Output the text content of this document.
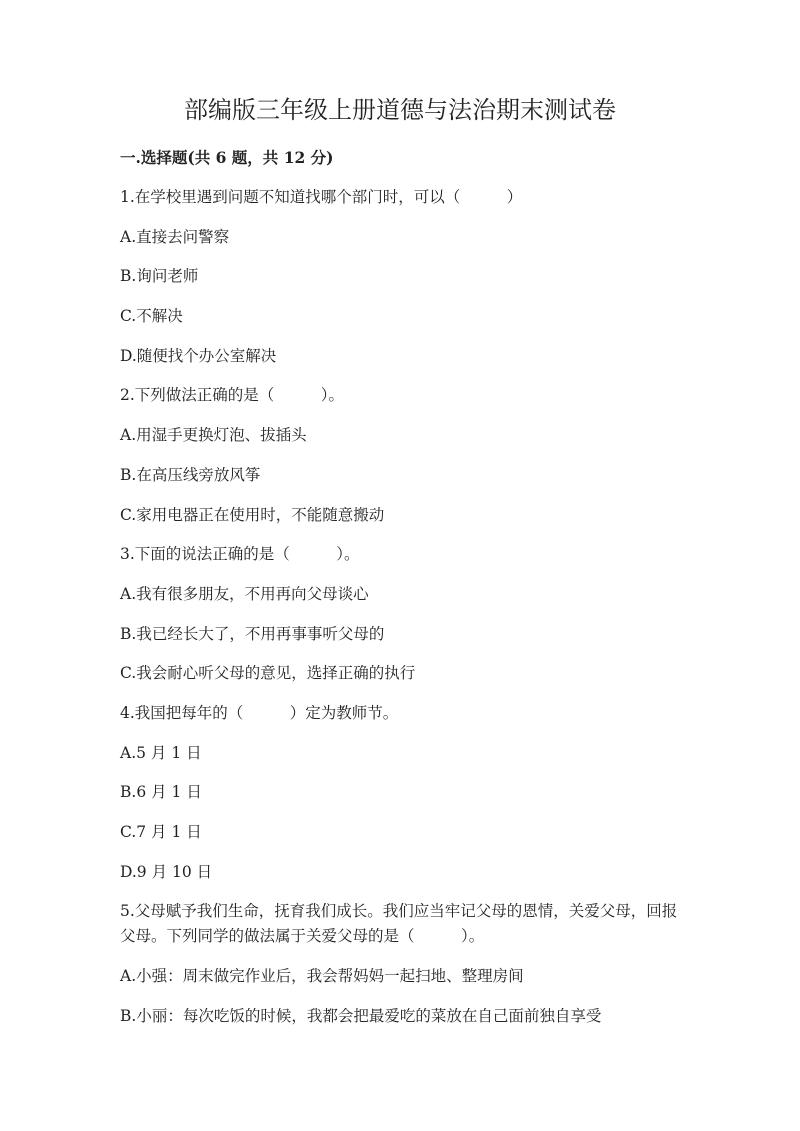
部编版三年级上册道德与法治期末测试卷

一.选择题(共 6 题，共 12 分)

1.在学校里遇到问题不知道找哪个部门时，可以（　　　）

A.直接去问警察

B.询问老师

C.不解决

D.随便找个办公室解决

2.下列做法正确的是（　　　）。

A.用湿手更换灯泡、拔插头

B.在高压线旁放风筝

C.家用电器正在使用时，不能随意搬动

3.下面的说法正确的是（　　　）。

A.我有很多朋友，不用再向父母谈心

B.我已经长大了，不用再事事听父母的

C.我会耐心听父母的意见，选择正确的执行

4.我国把每年的（　　　）定为教师节。

A.5 月 1 日

B.6 月 1 日

C.7 月 1 日

D.9 月 10 日

5.父母赋予我们生命，抚育我们成长。我们应当牢记父母的恩情，关爱父母，回报父母。下列同学的做法属于关爱父母的是（　　　）。

A.小强：周末做完作业后，我会帮妈妈一起扫地、整理房间

B.小丽：每次吃饭的时候，我都会把最爱吃的菜放在自己面前独自享受
